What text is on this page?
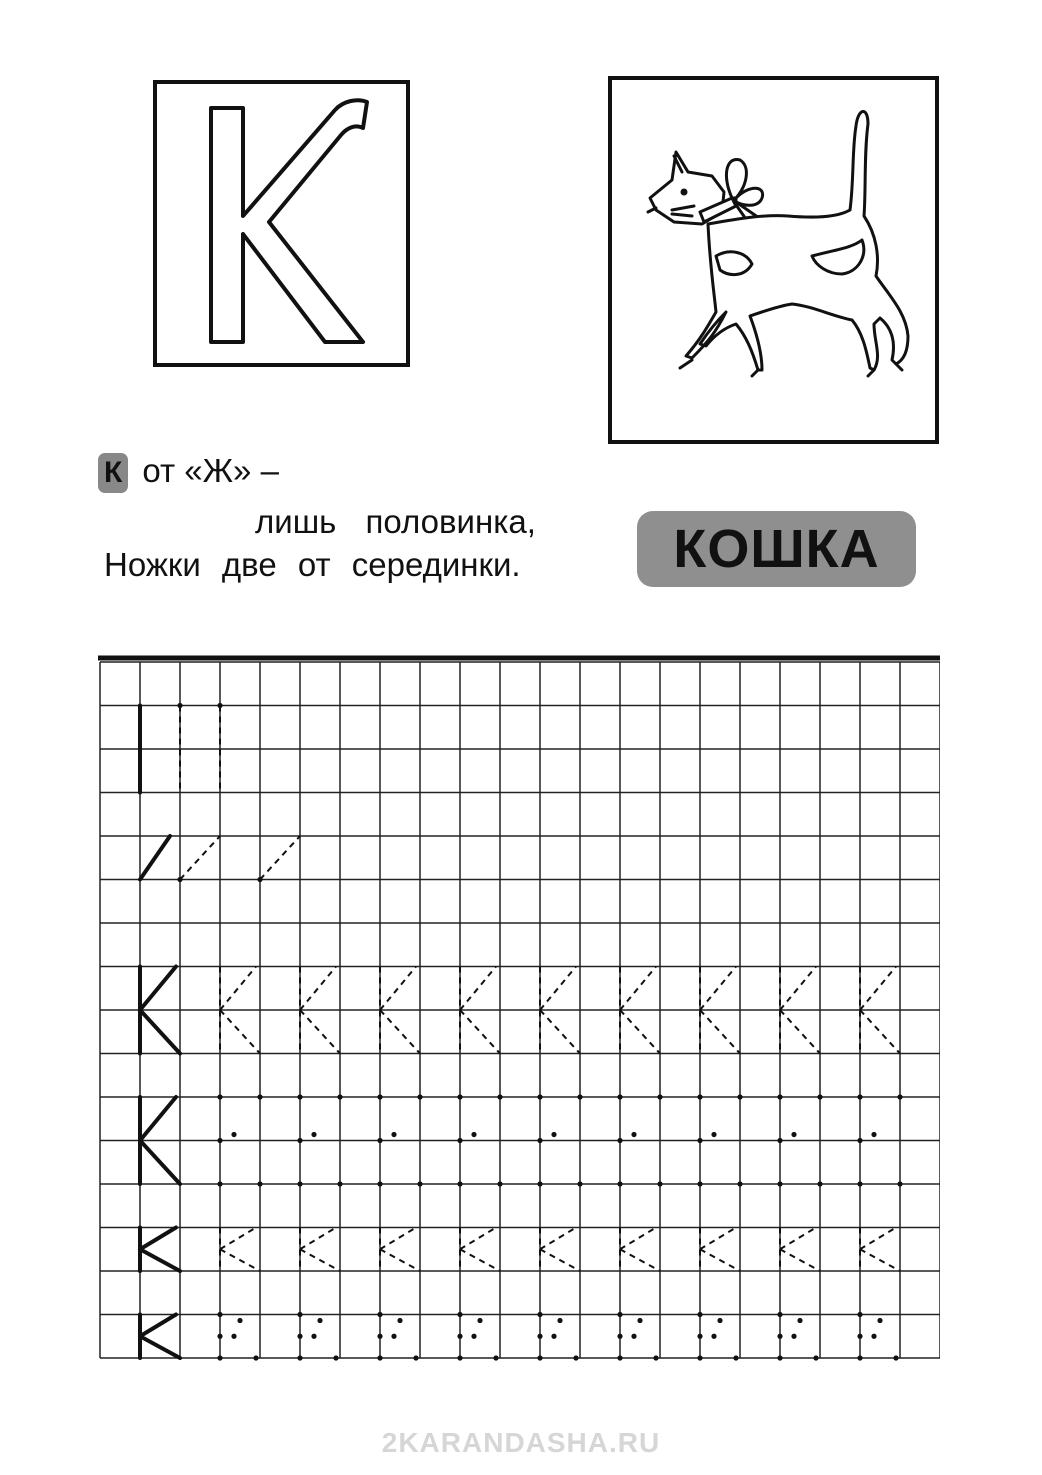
К от «Ж» –
лишь половинка,
Ножки две от серединки.	КОШКА
2KARANDASHA.RU
